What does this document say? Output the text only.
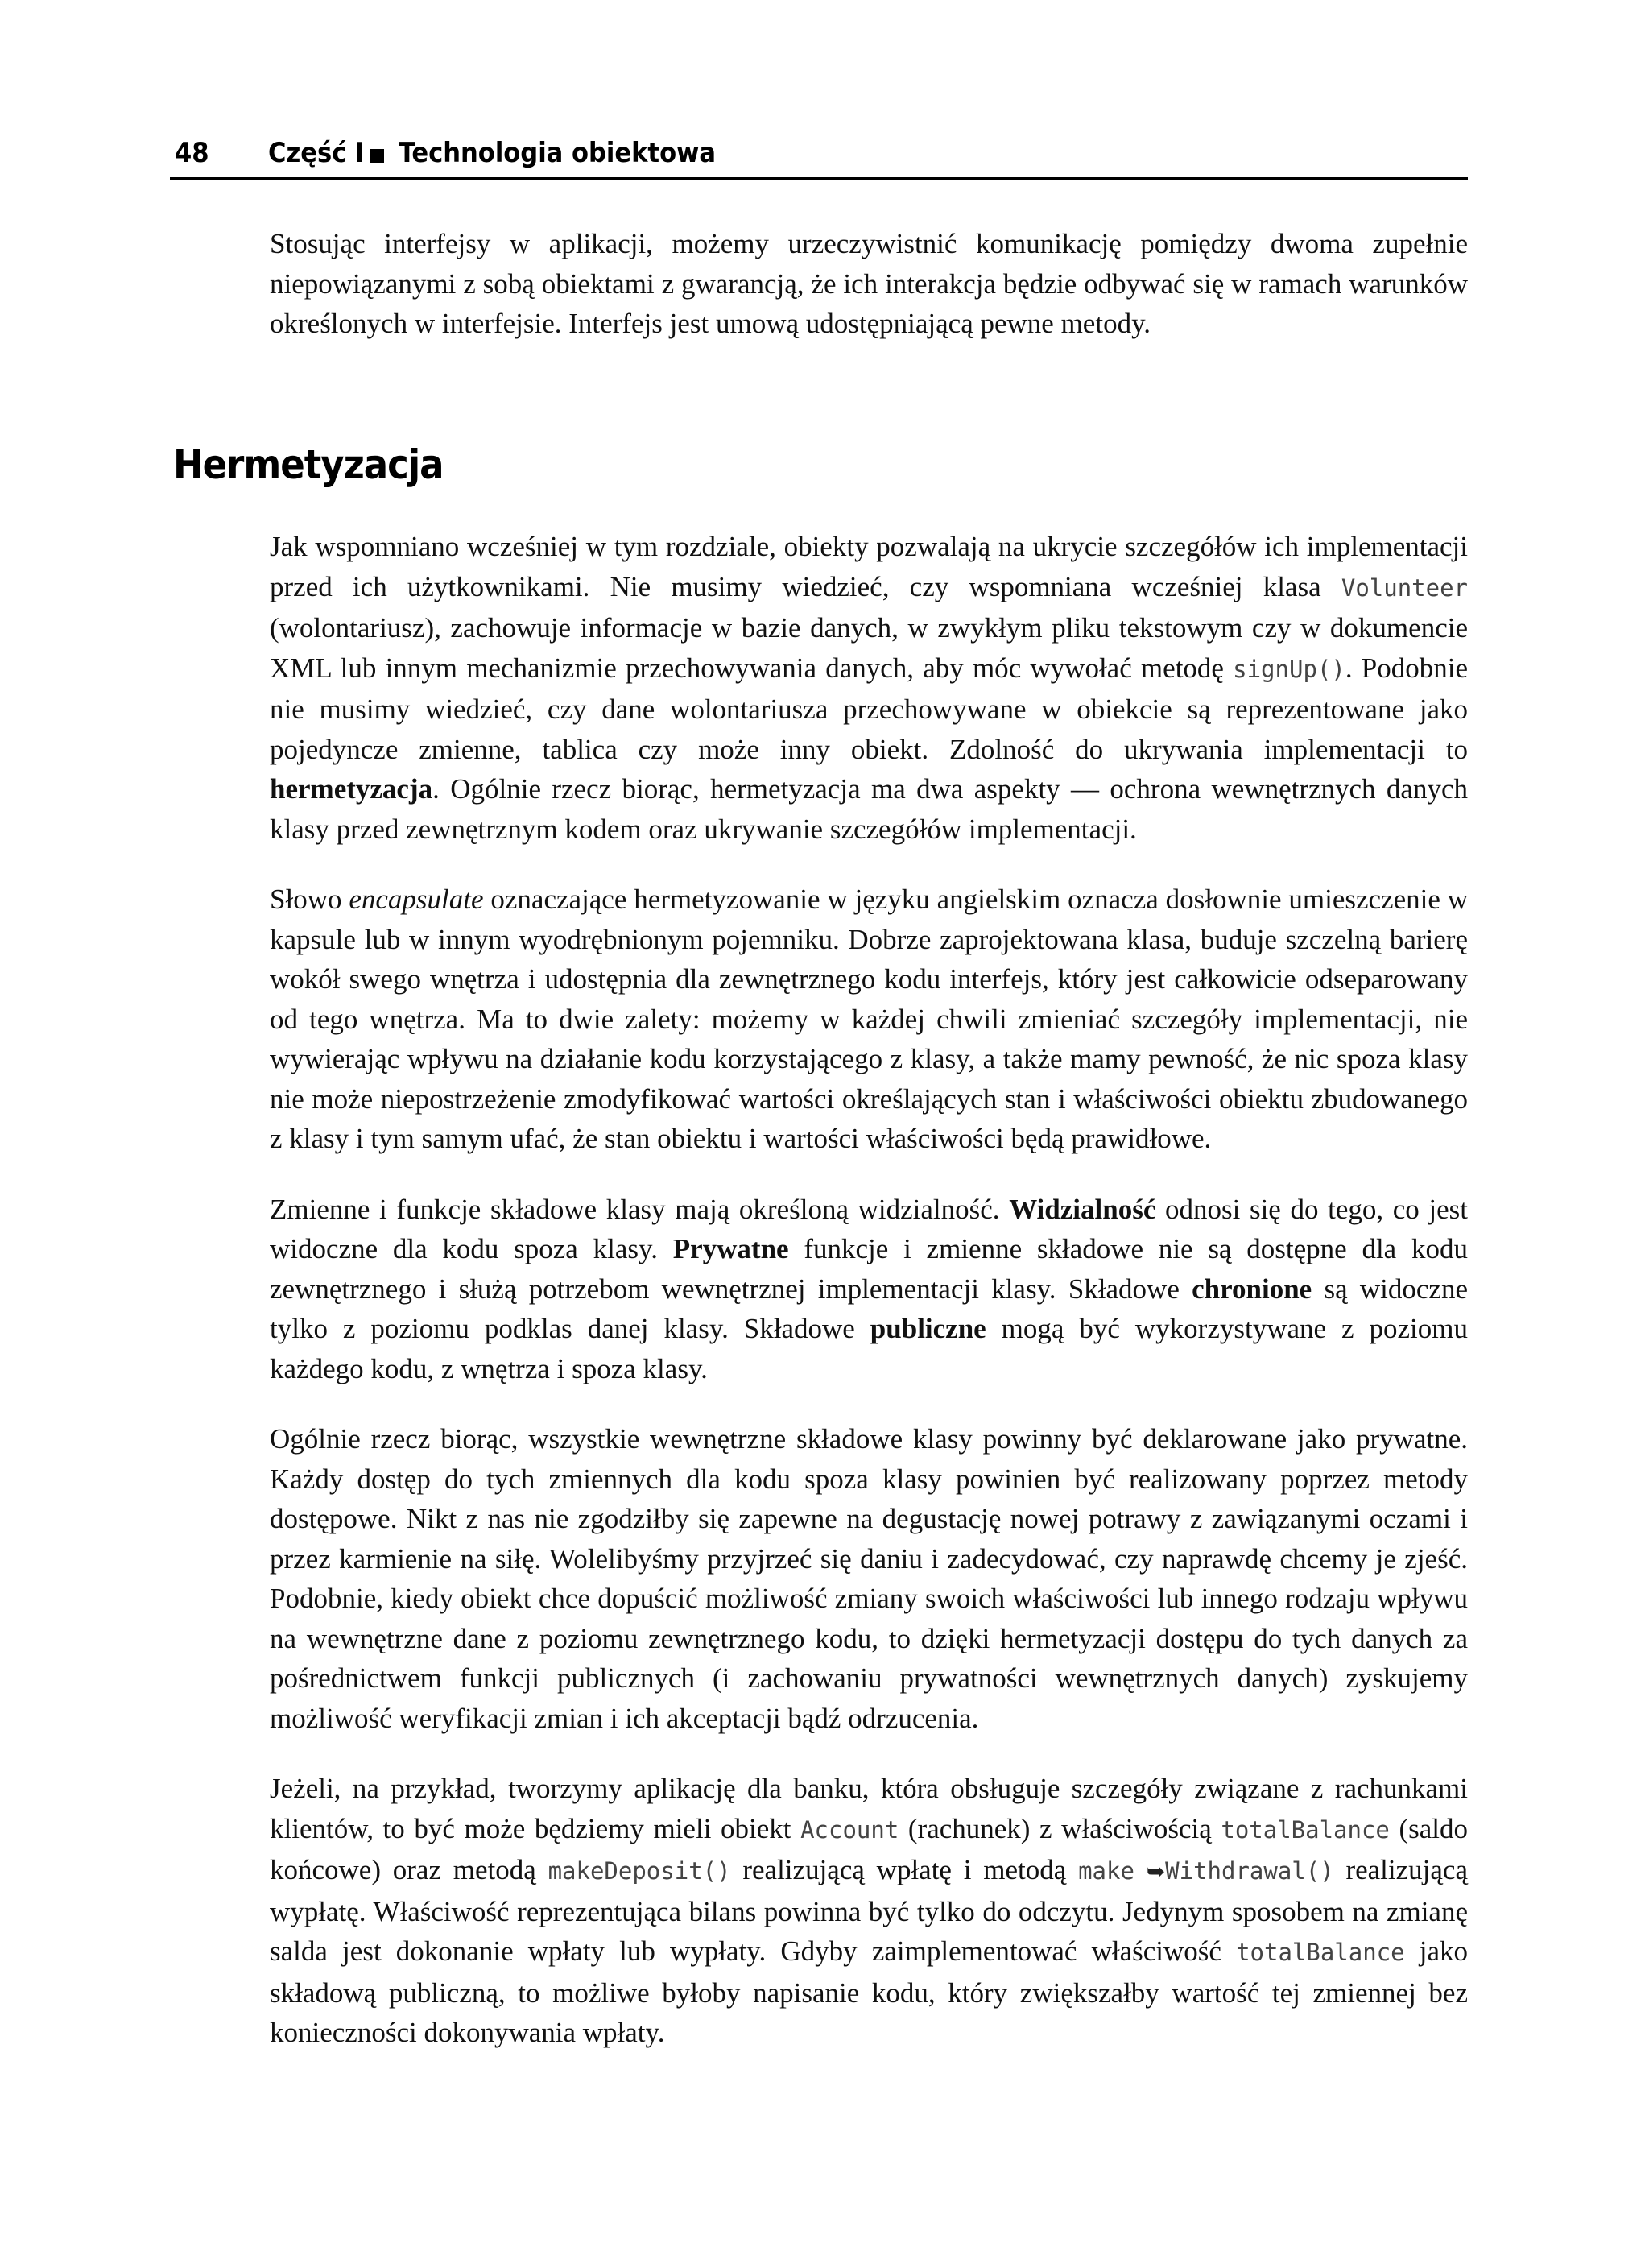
48 Część I Technologia obiektowa

Stosując interfejsy w aplikacji, możemy urzeczywistnić komunikację pomiędzy dwoma zupełnie niepowiązanymi z sobą obiektami z gwarancją, że ich interakcja będzie odbywać się w ramach warunków określonych w interfejsie. Interfejs jest umową udostępniającą pewne metody.

Hermetyzacja

Jak wspomniano wcześniej w tym rozdziale, obiekty pozwalają na ukrycie szczegółów ich implementacji przed ich użytkownikami. Nie musimy wiedzieć, czy wspomniana wcześniej klasa Volunteer (wolontariusz), zachowuje informacje w bazie danych, w zwykłym pliku tekstowym czy w dokumencie XML lub innym mechanizmie przechowywania danych, aby móc wywołać metodę signUp(). Podobnie nie musimy wiedzieć, czy dane wolontariusza przechowywane w obiekcie są reprezentowane jako pojedyncze zmienne, tablica czy może inny obiekt. Zdolność do ukrywania implementacji to hermetyzacja. Ogólnie rzecz biorąc, hermetyzacja ma dwa aspekty — ochrona wewnętrznych danych klasy przed zewnętrznym kodem oraz ukrywanie szczegółów implementacji.

Słowo encapsulate oznaczające hermetyzowanie w języku angielskim oznacza dosłownie umieszczenie w kapsule lub w innym wyodrębnionym pojemniku. Dobrze zaprojektowana klasa, buduje szczelną barierę wokół swego wnętrza i udostępnia dla zewnętrznego kodu interfejs, który jest całkowicie odseparowany od tego wnętrza. Ma to dwie zalety: możemy w każdej chwili zmieniać szczegóły implementacji, nie wywierając wpływu na działanie kodu korzystającego z klasy, a także mamy pewność, że nic spoza klasy nie może niepostrzeżenie zmodyfikować wartości określających stan i właściwości obiektu zbudowanego z klasy i tym samym ufać, że stan obiektu i wartości właściwości będą prawidłowe.

Zmienne i funkcje składowe klasy mają określoną widzialność. Widzialność odnosi się do tego, co jest widoczne dla kodu spoza klasy. Prywatne funkcje i zmienne składowe nie są dostępne dla kodu zewnętrznego i służą potrzebom wewnętrznej implementacji klasy. Składowe chronione są widoczne tylko z poziomu podklas danej klasy. Składowe publiczne mogą być wykorzystywane z poziomu każdego kodu, z wnętrza i spoza klasy.

Ogólnie rzecz biorąc, wszystkie wewnętrzne składowe klasy powinny być deklarowane jako prywatne. Każdy dostęp do tych zmiennych dla kodu spoza klasy powinien być realizowany poprzez metody dostępowe. Nikt z nas nie zgodziłby się zapewne na degustację nowej potrawy z zawiązanymi oczami i przez karmienie na siłę. Wolelibyśmy przyjrzeć się daniu i zadecydować, czy naprawdę chcemy je zjeść. Podobnie, kiedy obiekt chce dopuścić możliwość zmiany swoich właściwości lub innego rodzaju wpływu na wewnętrzne dane z poziomu zewnętrznego kodu, to dzięki hermetyzacji dostępu do tych danych za pośrednictwem funkcji publicznych (i zachowaniu prywatności wewnętrznych danych) zyskujemy możliwość weryfikacji zmian i ich akceptacji bądź odrzucenia.

Jeżeli, na przykład, tworzymy aplikację dla banku, która obsługuje szczegóły związane z rachunkami klientów, to być może będziemy mieli obiekt Account (rachunek) z właściwością totalBalance (saldo końcowe) oraz metodą makeDeposit() realizującą wpłatę i metodą make ➥Withdrawal() realizującą wypłatę. Właściwość reprezentująca bilans powinna być tylko do odczytu. Jedynym sposobem na zmianę salda jest dokonanie wpłaty lub wypłaty. Gdyby zaimplementować właściwość totalBalance jako składową publiczną, to możliwe byłoby napisanie kodu, który zwiększałby wartość tej zmiennej bez konieczności dokonywania wpłaty.
